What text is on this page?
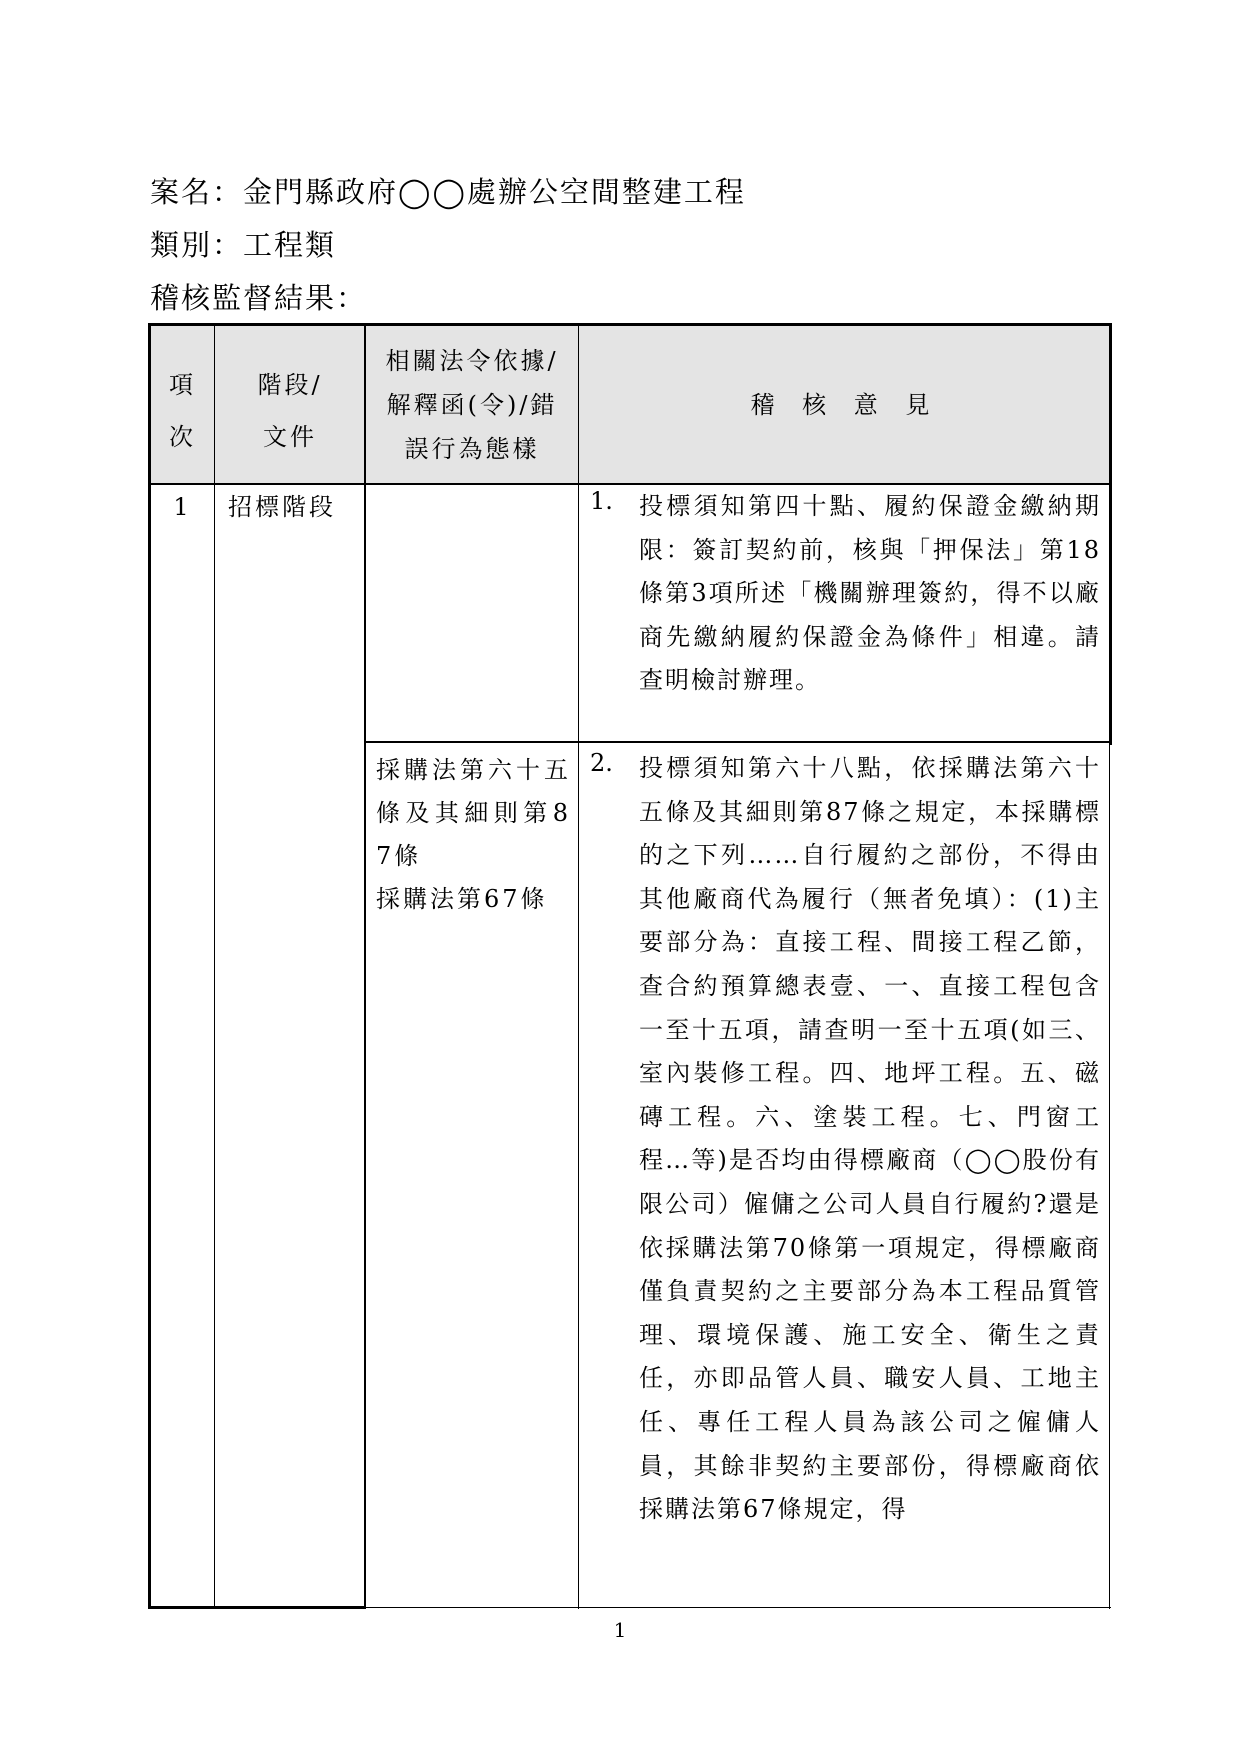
案名：金門縣政府◯◯處辦公空間整建工程
類別：工程類
稽核監督結果：
項次
階段/文件
相關法令依據/解釋函(令)/錯誤行為態樣
稽 核 意 見
1	招標階段	1. 投標須知第四十點、履約保證金繳納期限：簽訂契約前，核與「押保法」第18條第3項所述「機關辦理簽約，得不以廠商先繳納履約保證金為條件」相違。請查明檢討辦理。
採購法第六十五條及其細則第87條
採購法第67條
2. 投標須知第六十八點，依採購法第六十五條及其細則第87條之規定，本採購標的之下列……自行履約之部份，不得由其他廠商代為履行（無者免填）：(1)主要部分為：直接工程、間接工程乙節，查合約預算總表壹、一、直接工程包含一至十五項，請查明一至十五項(如三、室內裝修工程。四、地坪工程。五、磁磚工程。六、塗裝工程。七、門窗工程…等)是否均由得標廠商（◯◯股份有限公司）僱傭之公司人員自行履約?還是依採購法第70條第一項規定，得標廠商僅負責契約之主要部分為本工程品質管理、環境保護、施工安全、衛生之責任，亦即品管人員、職安人員、工地主任、專任工程人員為該公司之僱傭人員，其餘非契約主要部份，得標廠商依採購法第67條規定，得
1
